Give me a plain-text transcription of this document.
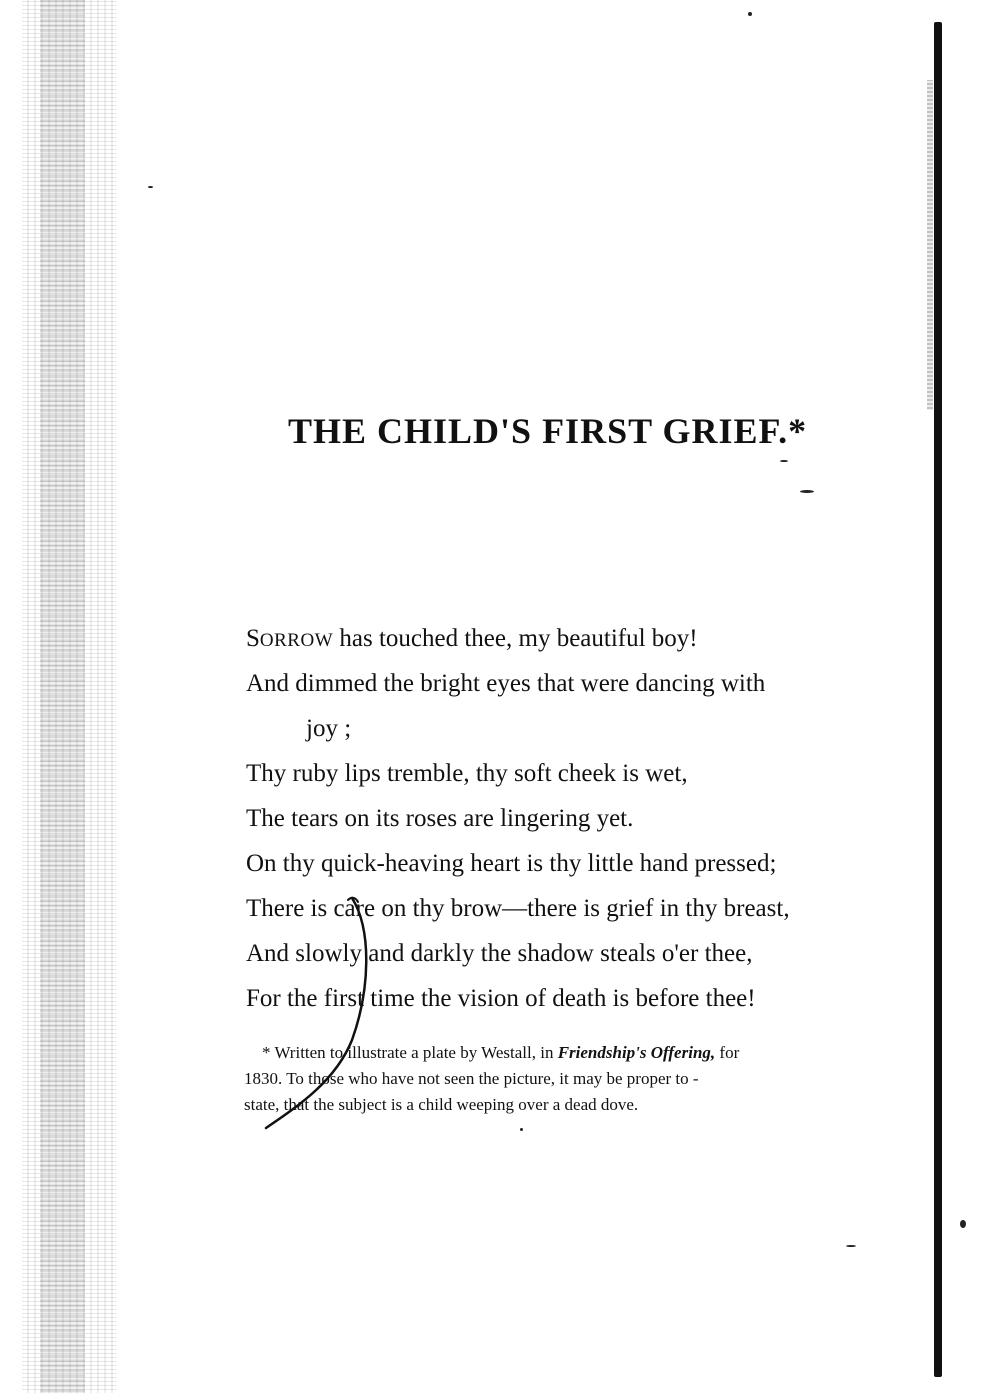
THE CHILD'S FIRST GRIEF.*
SORROW has touched thee, my beautiful boy!
And dimmed the bright eyes that were dancing with
joy ;
Thy ruby lips tremble, thy soft cheek is wet,
The tears on its roses are lingering yet.
On thy quick-heaving heart is thy little hand pressed;
There is care on thy brow—there is grief in thy breast,
And slowly and darkly the shadow steals o'er thee,
For the first time the vision of death is before thee!
* Written to illustrate a plate by Westall, in Friendship's Offering, for
1830. To those who have not seen the picture, it may be proper to -
state, that the subject is a child weeping over a dead dove.
